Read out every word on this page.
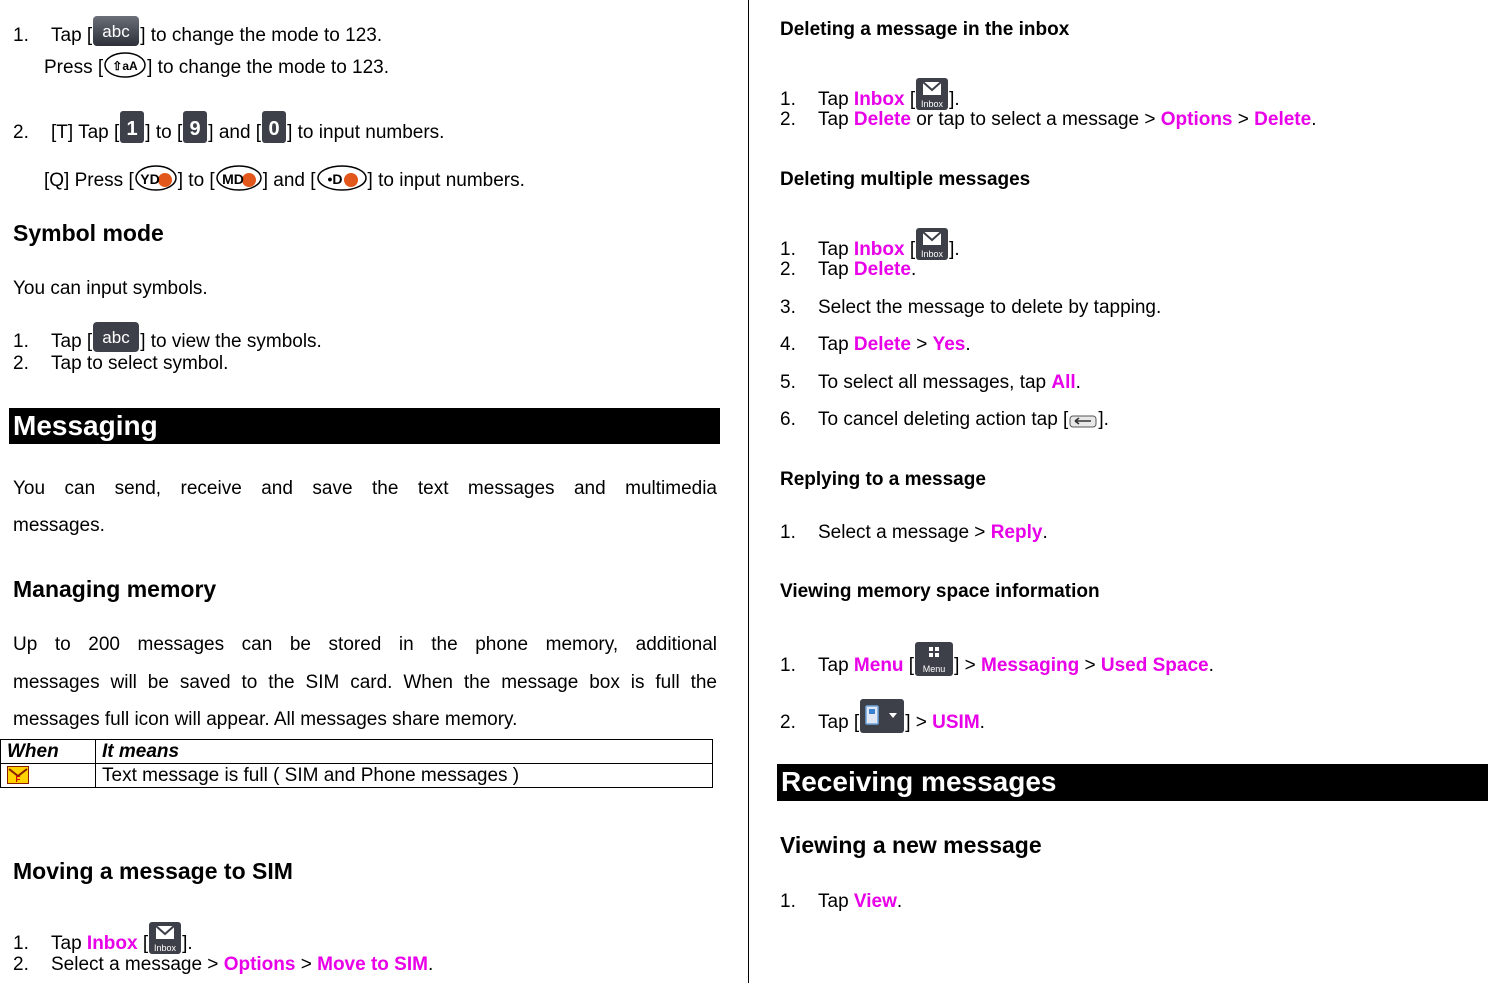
1. Tap [ abc ] to change the mode to 123.
Press [ ⇧aA ] to change the mode to 123.
2. [T] Tap [ 1 ] to [ 9 ] and [ 0 ] to input numbers.
[Q] Press [ YD ] to [ MD ] and [ •D ] to input numbers.
Symbol mode
You can input symbols.
1. Tap [ abc ] to view the symbols.
2. Tap to select symbol.
Messaging
You can send, receive and save the text messages and multimedia
messages.
Managing memory
Up to 200 messages can be stored in the phone memory, additional
messages will be saved to the SIM card. When the message box is full the
messages full icon will appear. All messages share memory.
When	It means

F	Text message is full ( SIM and Phone messages )
Moving a message to SIM
1. Tap Inbox [ Inbox ].
2. Select a message > Options > Move to SIM.
Deleting a message in the inbox
1. Tap Inbox [ Inbox ].
2. Tap Delete or tap to select a message > Options > Delete.
Deleting multiple messages
1. Tap Inbox [ Inbox ].
2. Tap Delete.
3. Select the message to delete by tapping.
4. Tap Delete > Yes.
5. To select all messages, tap All.
6. To cancel deleting action tap [ ].
Replying to a message
1. Select a message > Reply.
Viewing memory space information
1. Tap Menu [ Menu ] > Messaging > Used Space.
2. Tap [ ] > USIM.
Receiving messages
Viewing a new message
1. Tap View.
